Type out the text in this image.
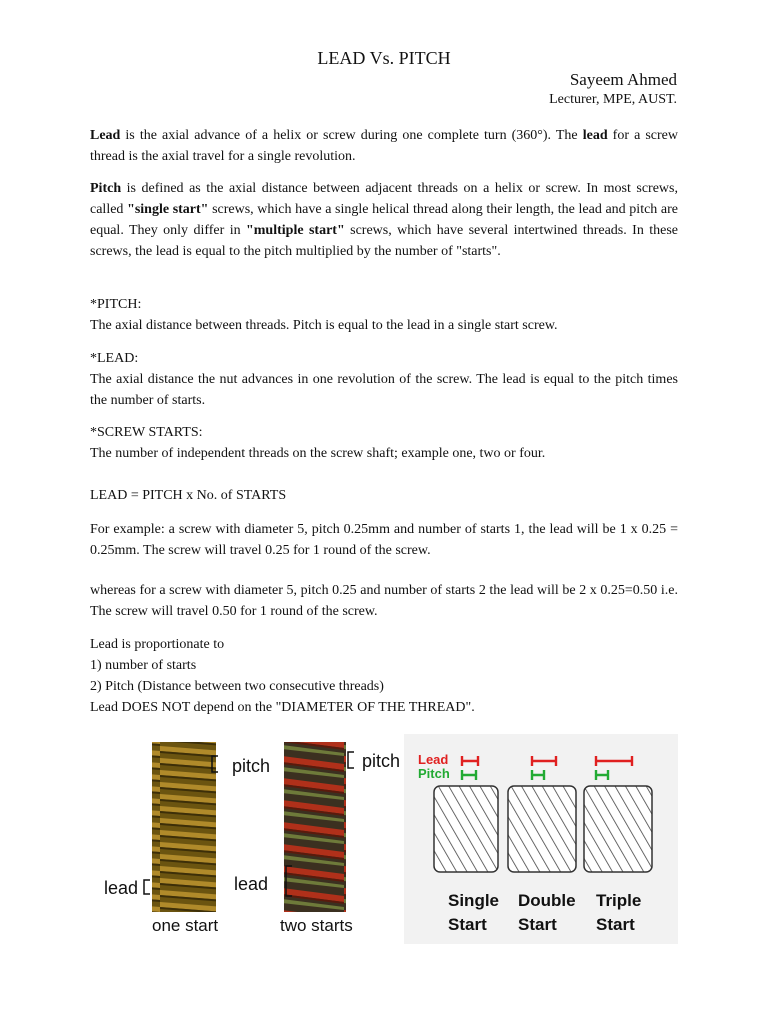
LEAD Vs. PITCH
Sayeem Ahmed
Lecturer, MPE, AUST.
Lead is the axial advance of a helix or screw during one complete turn (360°). The lead for a screw thread is the axial travel for a single revolution.
Pitch is defined as the axial distance between adjacent threads on a helix or screw. In most screws, called "single start" screws, which have a single helical thread along their length, the lead and pitch are equal. They only differ in "multiple start" screws, which have several intertwined threads. In these screws, the lead is equal to the pitch multiplied by the number of "starts".
*PITCH:
The axial distance between threads. Pitch is equal to the lead in a single start screw.
*LEAD:
The axial distance the nut advances in one revolution of the screw. The lead is equal to the pitch times the number of starts.
*SCREW STARTS:
The number of independent threads on the screw shaft; example one, two or four.
LEAD = PITCH x No. of STARTS
For example: a screw with diameter 5, pitch 0.25mm and number of starts 1, the lead will be 1 x 0.25 = 0.25mm. The screw will travel 0.25 for 1 round of the screw.
whereas for a screw with diameter 5, pitch 0.25 and number of starts 2 the lead will be 2 x 0.25=0.50 i.e. The screw will travel 0.50 for 1 round of the screw.
Lead is proportionate to
1) number of starts
2) Pitch (Distance between two consecutive threads)
Lead DOES NOT depend on the "DIAMETER OF THE THREAD".
pitch
lead
one start
pitch
lead
two starts
Lead
Pitch
Single
Start
Double
Start
Triple
Start
